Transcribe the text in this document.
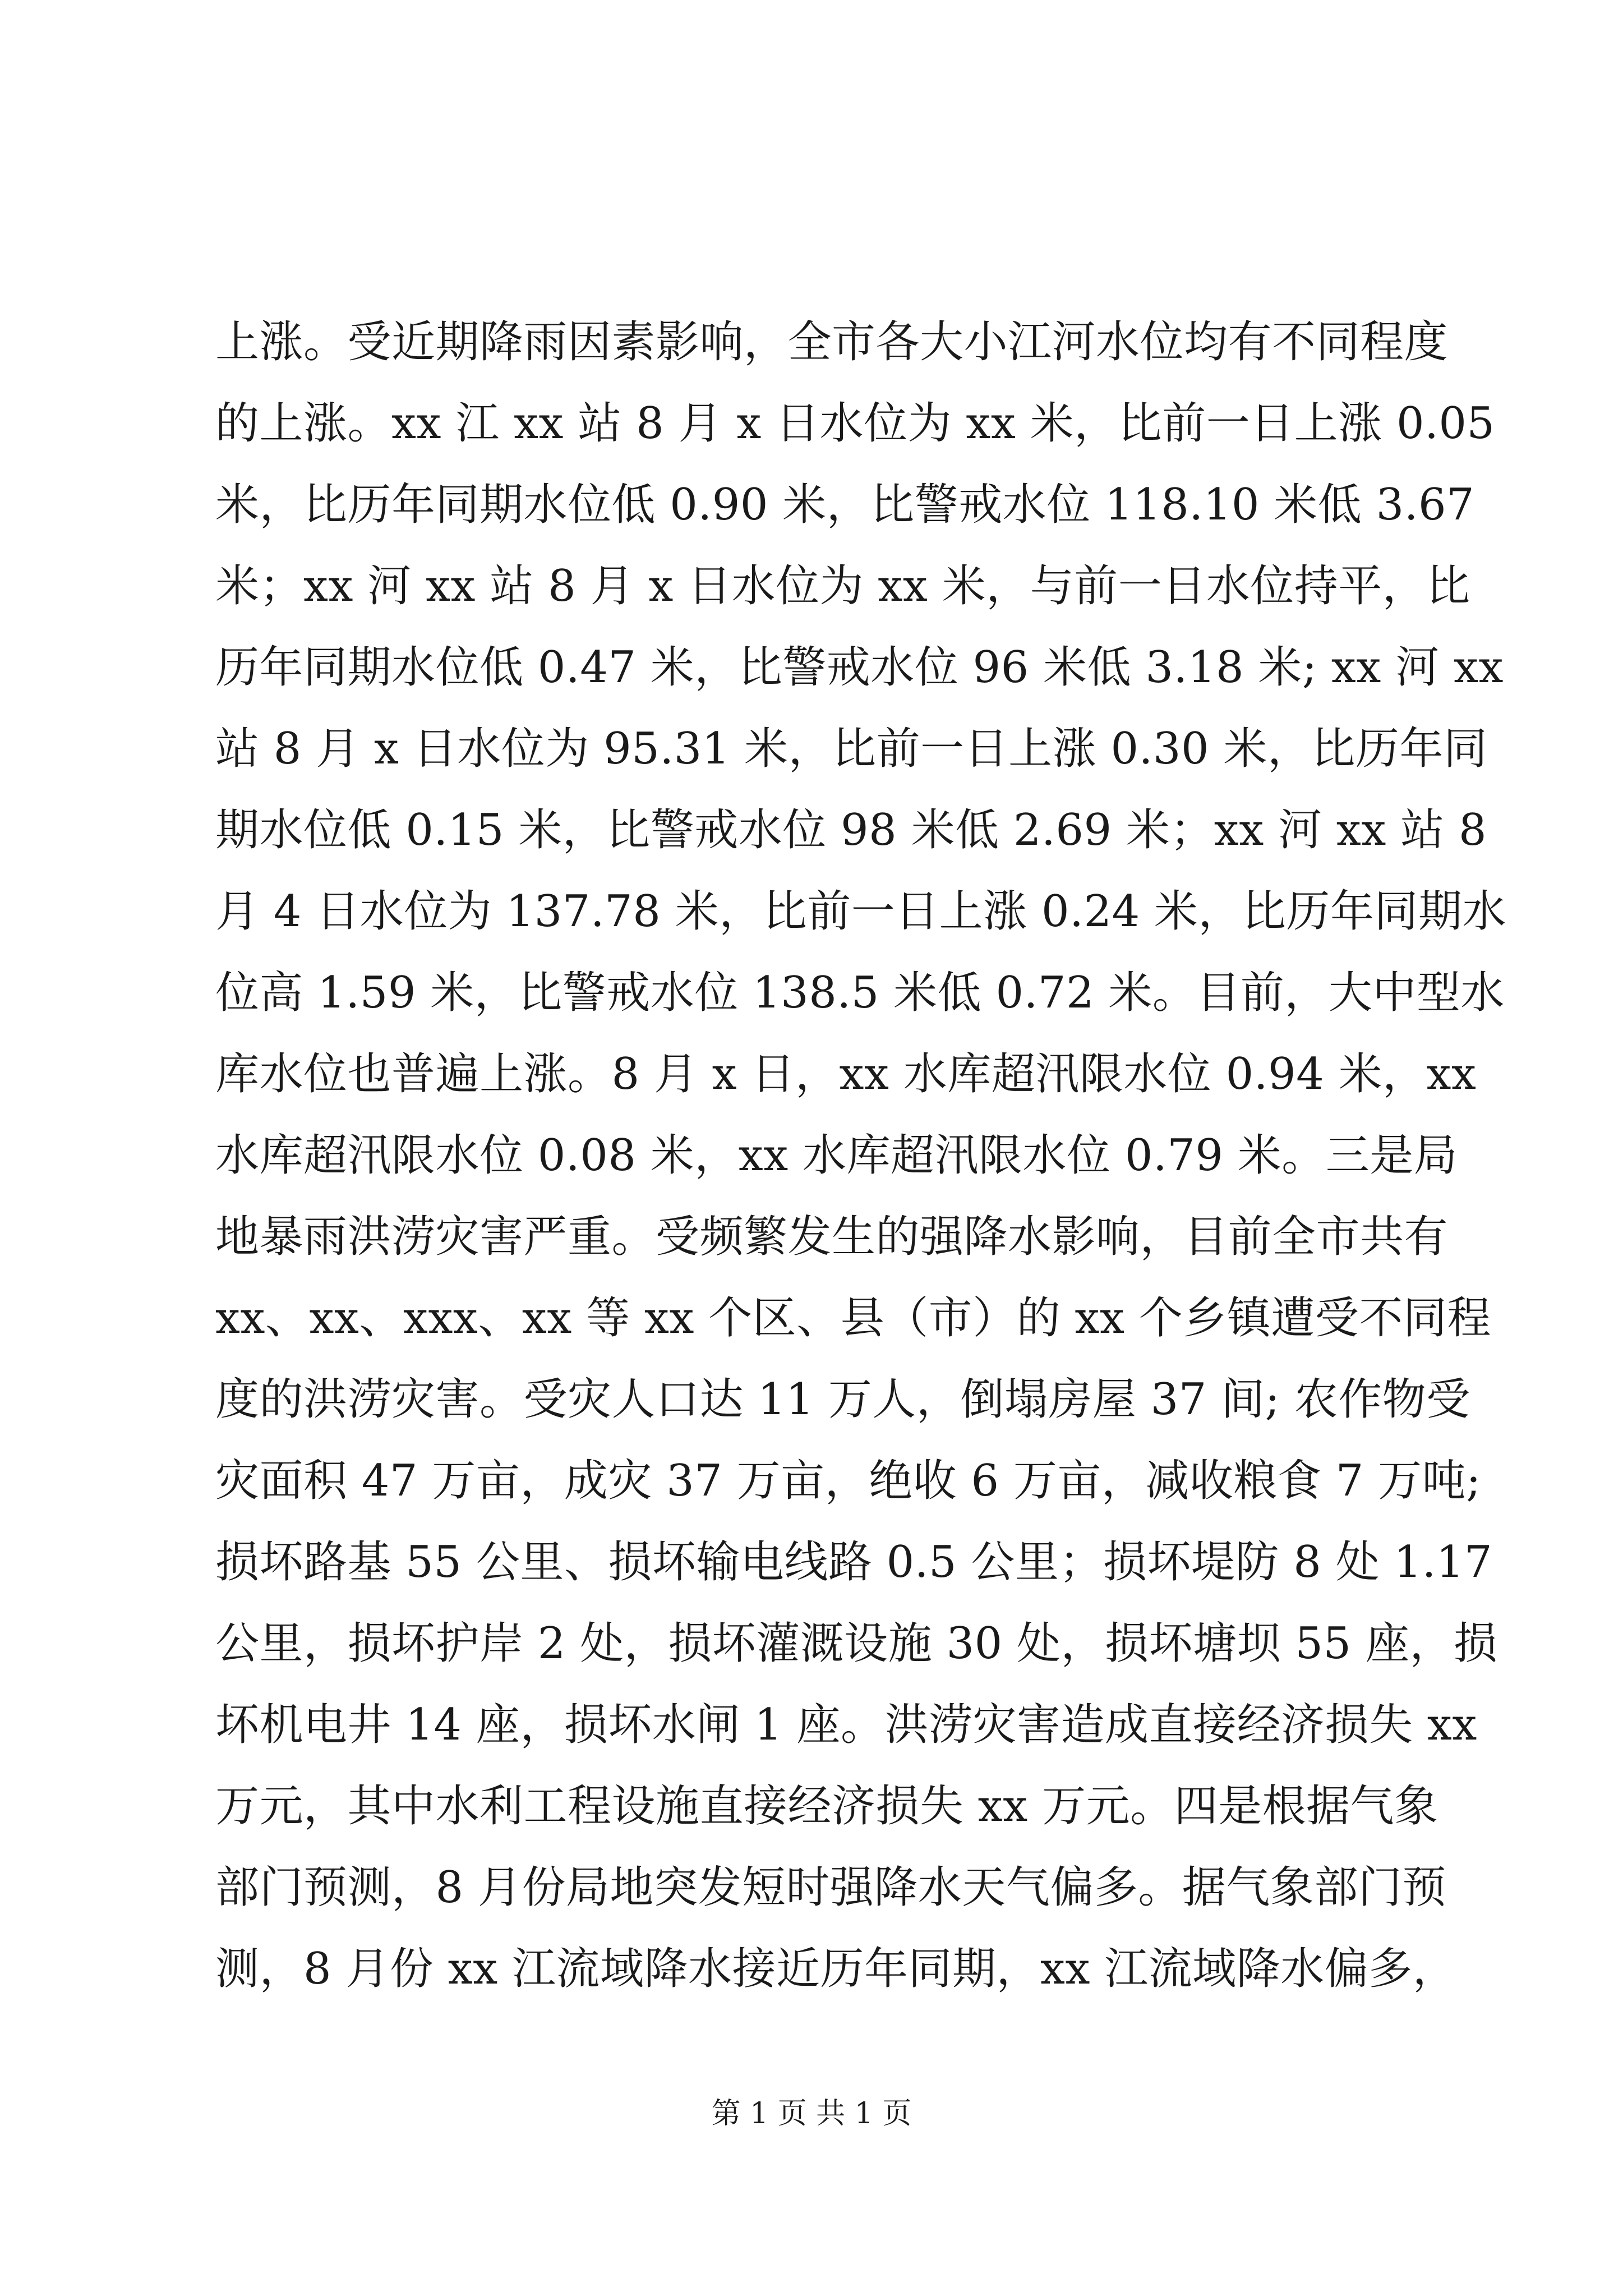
上涨。受近期降雨因素影响，全市各大小江河水位均有不同程度
的上涨。xx 江 xx 站 8 月 x 日水位为 xx 米，比前一日上涨 0.05
米，比历年同期水位低 0.90 米，比警戒水位 118.10 米低 3.67
米；xx 河 xx 站 8 月 x 日水位为 xx 米，与前一日水位持平，比
历年同期水位低 0.47 米，比警戒水位 96 米低 3.18 米; xx 河 xx
站 8 月 x 日水位为 95.31 米，比前一日上涨 0.30 米，比历年同
期水位低 0.15 米，比警戒水位 98 米低 2.69 米；xx 河 xx 站 8
月 4 日水位为 137.78 米，比前一日上涨 0.24 米，比历年同期水
位高 1.59 米，比警戒水位 138.5 米低 0.72 米。目前，大中型水
库水位也普遍上涨。8 月 x 日，xx 水库超汛限水位 0.94 米，xx
水库超汛限水位 0.08 米，xx 水库超汛限水位 0.79 米。三是局
地暴雨洪涝灾害严重。受频繁发生的强降水影响，目前全市共有
xx、xx、xxx、xx 等 xx 个区、县（市）的 xx 个乡镇遭受不同程
度的洪涝灾害。受灾人口达 11 万人，倒塌房屋 37 间; 农作物受
灾面积 47 万亩，成灾 37 万亩，绝收 6 万亩，减收粮食 7 万吨;
损坏路基 55 公里、损坏输电线路 0.5 公里；损坏堤防 8 处 1.17
公里，损坏护岸 2 处，损坏灌溉设施 30 处，损坏塘坝 55 座，损
坏机电井 14 座，损坏水闸 1 座。洪涝灾害造成直接经济损失 xx
万元，其中水利工程设施直接经济损失 xx 万元。四是根据气象
部门预测，8 月份局地突发短时强降水天气偏多。据气象部门预
测，8 月份 xx 江流域降水接近历年同期，xx 江流域降水偏多，
第 1 页 共 1 页
